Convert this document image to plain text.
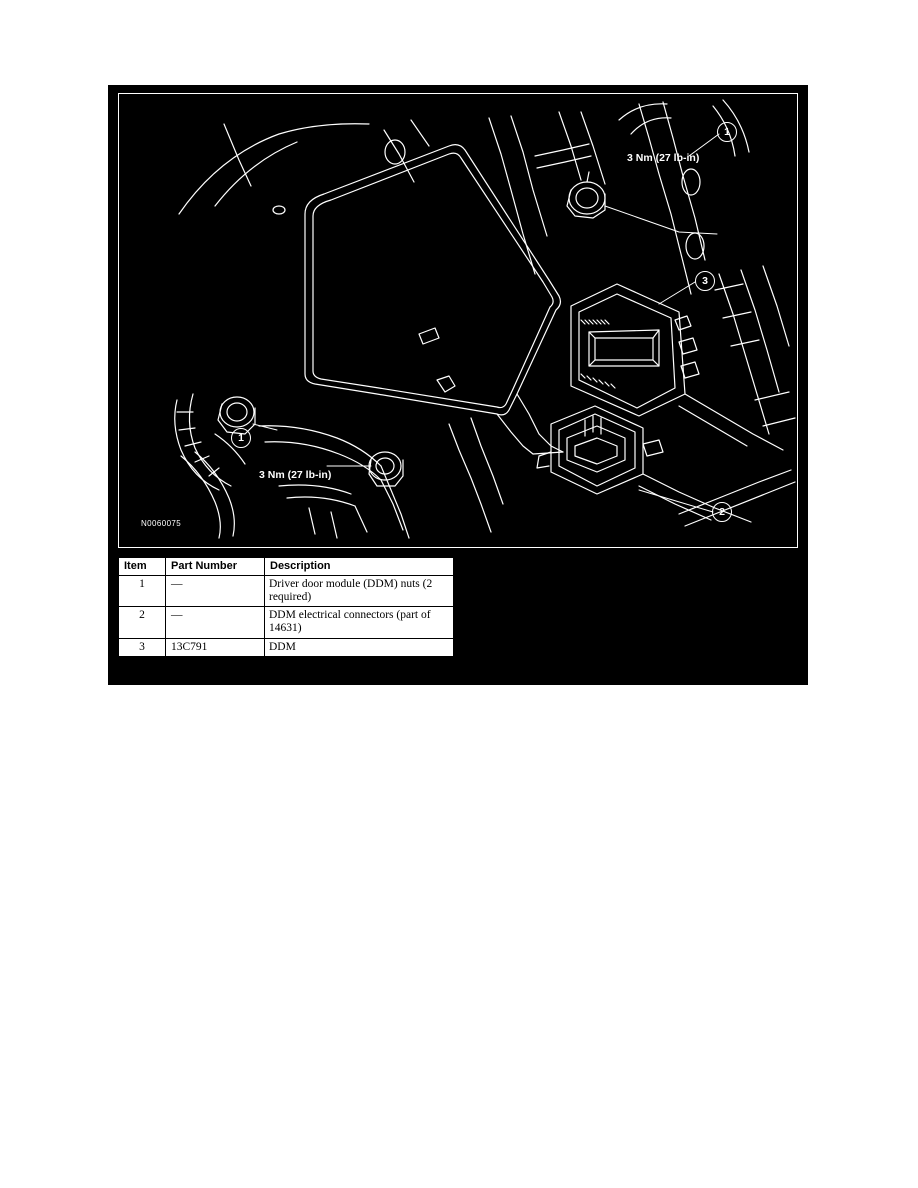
N0060075
3 Nm (27 lb-in)
3 Nm (27 lb-in)
1
3
2
1
Item	Part Number	Description
1	—	Driver door module (DDM) nuts (2 required)
2	—	DDM electrical connectors (part of 14631)
3	13C791	DDM
